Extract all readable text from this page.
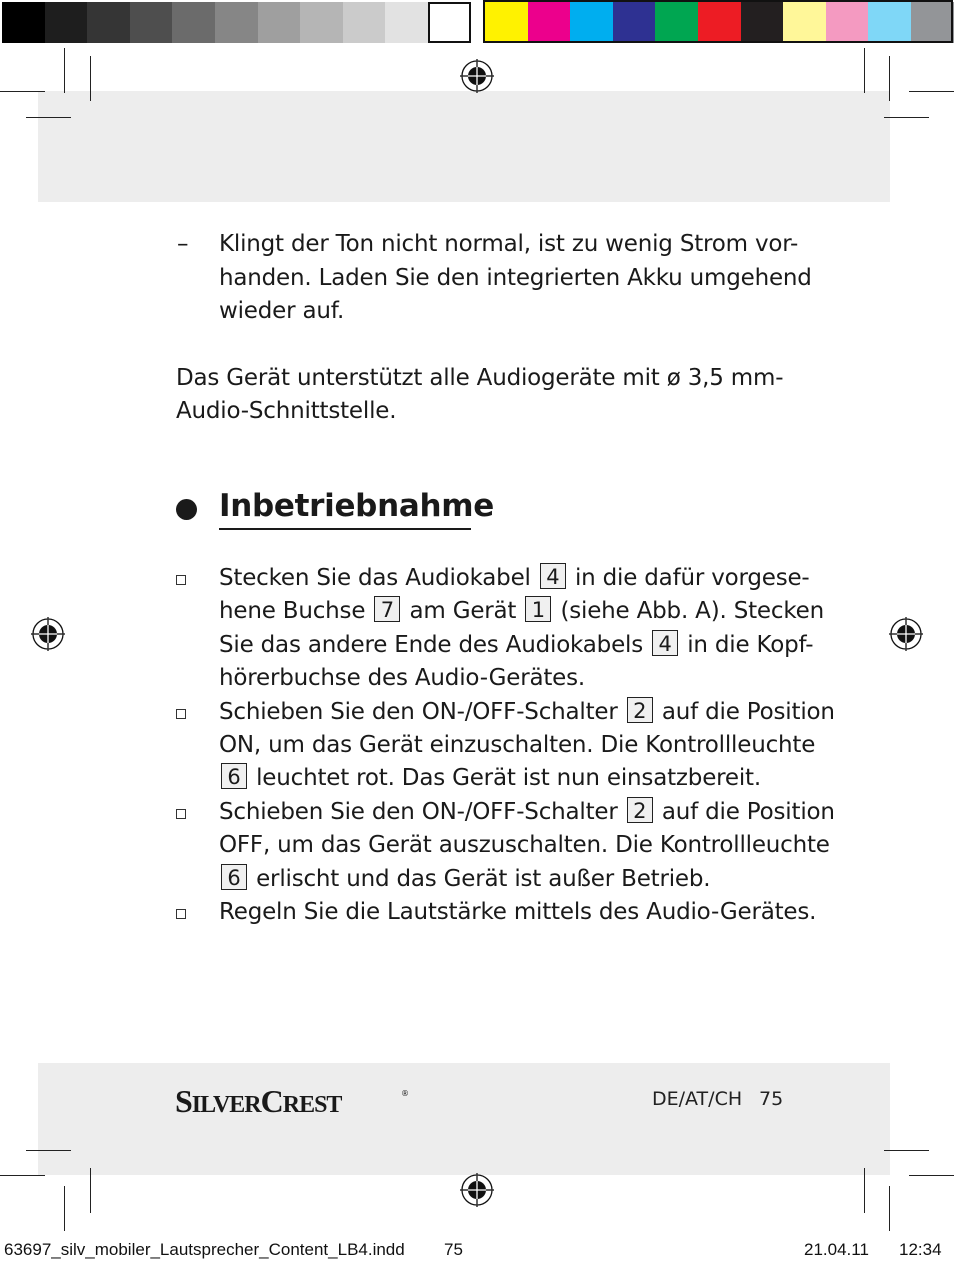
– Klingt der Ton nicht normal, ist zu wenig Strom vor-
handen. Laden Sie den integrierten Akku umgehend
wieder auf.
Das Gerät unterstützt alle Audiogeräte mit ø 3,5 mm-
Audio-Schnittstelle.
Inbetriebnahme
Stecken Sie das Audiokabel 4 in die dafür vorgese-
hene Buchse 7 am Gerät 1 (siehe Abb. A). Stecken
Sie das andere Ende des Audiokabels 4 in die Kopf-
hörerbuchse des Audio-Gerätes.
Schieben Sie den ON-/OFF-Schalter 2 auf die Position
ON, um das Gerät einzuschalten. Die Kontrollleuchte
6 leuchtet rot. Das Gerät ist nun einsatzbereit.
Schieben Sie den ON-/OFF-Schalter 2 auf die Position
OFF, um das Gerät auszuschalten. Die Kontrollleuchte
6 erlischt und das Gerät ist außer Betrieb.
Regeln Sie die Lautstärke mittels des Audio-Gerätes.
SILVERCREST	®	DE/AT/CH 75
63697_silv_mobiler_Lautsprecher_Content_LB4.indd 75	21.04.11 12:34
